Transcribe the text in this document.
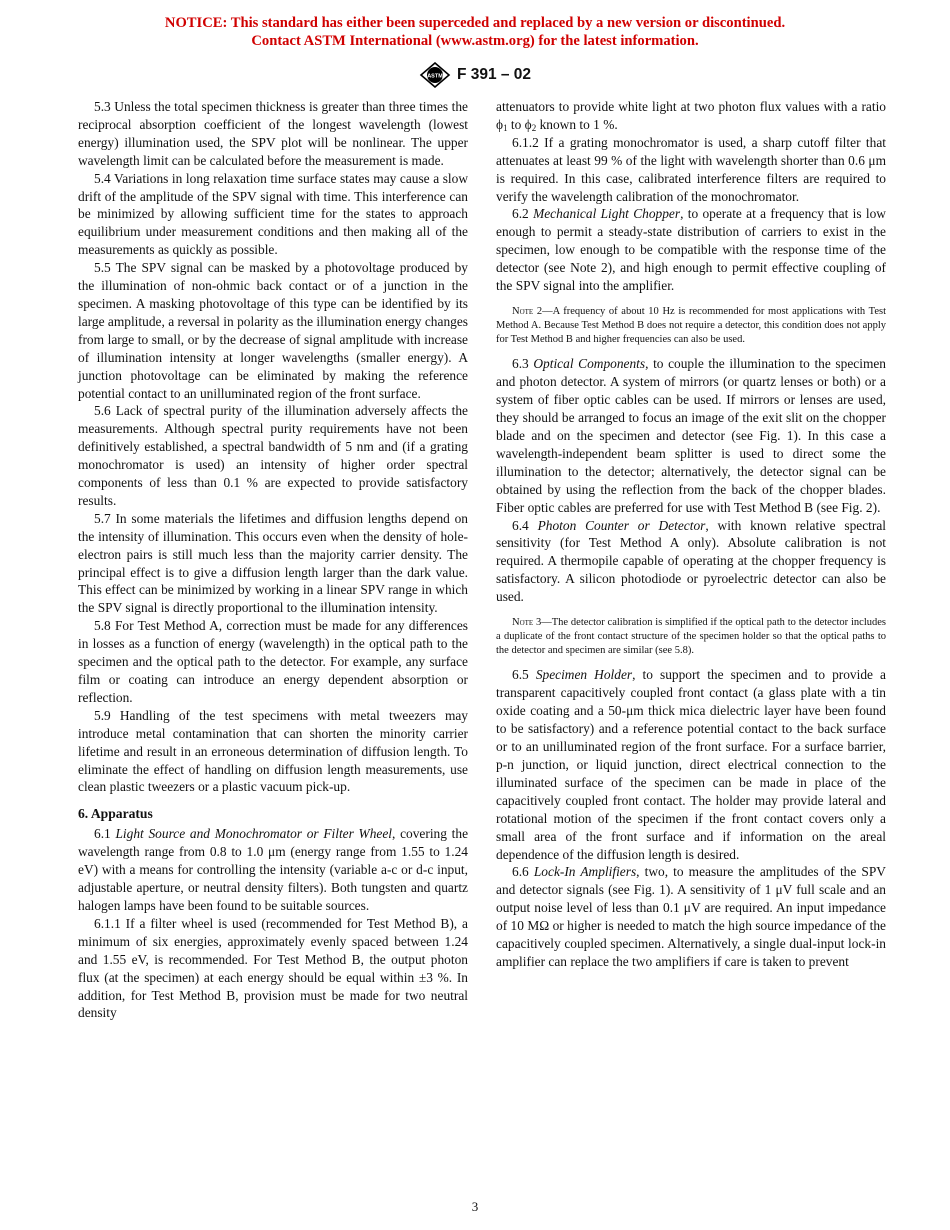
NOTICE: This standard has either been superceded and replaced by a new version or discontinued.
Contact ASTM International (www.astm.org) for the latest information.
ASTM F 391 – 02

5.3 Unless the total specimen thickness is greater than three times the reciprocal absorption coefficient of the longest wavelength (lowest energy) illumination used, the SPV plot will be nonlinear. The upper wavelength limit can be calculated before the measurement is made.

5.4 Variations in long relaxation time surface states may cause a slow drift of the amplitude of the SPV signal with time. This interference can be minimized by allowing sufficient time for the states to approach equilibrium under measurement conditions and then making all of the measurements as quickly as possible.

5.5 The SPV signal can be masked by a photovoltage produced by the illumination of non-ohmic back contact or of a junction in the specimen. A masking photovoltage of this type can be identified by its large amplitude, a reversal in polarity as the illumination energy changes from large to small, or by the decrease of signal amplitude with increase of illumination intensity at longer wavelengths (smaller energy). A junction photovoltage can be eliminated by making the reference potential contact to an unilluminated region of the front surface.

5.6 Lack of spectral purity of the illumination adversely affects the measurements. Although spectral purity requirements have not been definitively established, a spectral bandwidth of 5 nm and (if a grating monochromator is used) an intensity of higher order spectral components of less than 0.1 % are expected to provide satisfactory results.

5.7 In some materials the lifetimes and diffusion lengths depend on the intensity of illumination. This occurs even when the density of hole-electron pairs is still much less than the majority carrier density. The principal effect is to give a diffusion length larger than the dark value. This effect can be minimized by working in a linear SPV range in which the SPV signal is directly proportional to the illumination intensity.

5.8 For Test Method A, correction must be made for any differences in losses as a function of energy (wavelength) in the optical path to the specimen and the optical path to the detector. For example, any surface film or coating can introduce an energy dependent absorption or reflection.

5.9 Handling of the test specimens with metal tweezers may introduce metal contamination that can shorten the minority carrier lifetime and result in an erroneous determination of diffusion length. To eliminate the effect of handling on diffusion length measurements, use clean plastic tweezers or a plastic vacuum pick-up.

6. Apparatus

6.1 Light Source and Monochromator or Filter Wheel, covering the wavelength range from 0.8 to 1.0 μm (energy range from 1.55 to 1.24 eV) with a means for controlling the intensity (variable a-c or d-c input, adjustable aperture, or neutral density filters). Both tungsten and quartz halogen lamps have been found to be suitable sources.

6.1.1 If a filter wheel is used (recommended for Test Method B), a minimum of six energies, approximately evenly spaced between 1.24 and 1.55 eV, is recommended. For Test Method B, the output photon flux (at the specimen) at each energy should be equal within ±3 %. In addition, for Test Method B, provision must be made for two neutral density

attenuators to provide white light at two photon flux values with a ratio $\phi_1$ to $\phi_2$ known to 1 %.

6.1.2 If a grating monochromator is used, a sharp cutoff filter that attenuates at least 99 % of the light with wavelength shorter than 0.6 μm is required. In this case, calibrated interference filters are required to verify the wavelength calibration of the monochromator.

6.2 Mechanical Light Chopper, to operate at a frequency that is low enough to permit a steady-state distribution of carriers to exist in the specimen, low enough to be compatible with the response time of the detector (see Note 2), and high enough to permit effective coupling of the SPV signal into the amplifier.

Note 2—A frequency of about 10 Hz is recommended for most applications with Test Method A. Because Test Method B does not require a detector, this condition does not apply for Test Method B and higher frequencies can also be used.

6.3 Optical Components, to couple the illumination to the specimen and photon detector. A system of mirrors (or quartz lenses or both) or a system of fiber optic cables can be used. If mirrors or lenses are used, they should be arranged to focus an image of the exit slit on the chopper blade and on the specimen and detector (see Fig. 1). In this case a wavelength-independent beam splitter is used to direct some the illumination to the detector; alternatively, the detector signal can be obtained by using the reflection from the back of the chopper blades. Fiber optic cables are preferred for use with Test Method B (see Fig. 2).

6.4 Photon Counter or Detector, with known relative spectral sensitivity (for Test Method A only). Absolute calibration is not required. A thermopile capable of operating at the chopper frequency is satisfactory. A silicon photodiode or pyroelectric detector can also be used.

Note 3—The detector calibration is simplified if the optical path to the detector includes a duplicate of the front contact structure of the specimen holder so that the optical paths to the detector and specimen are similar (see 5.8).

6.5 Specimen Holder, to support the specimen and to provide a transparent capacitively coupled front contact (a glass plate with a tin oxide coating and a 50-μm thick mica dielectric layer have been found to be satisfactory) and a reference potential contact to the back surface or to an unilluminated region of the front surface. For a surface barrier, p-n junction, or liquid junction, direct electrical connection to the illuminated surface of the specimen can be made in place of the capacitively coupled front contact. The holder may provide lateral and rotational motion of the specimen if the front contact covers only a small area of the front surface and if information on the areal dependence of the diffusion length is desired.

6.6 Lock-In Amplifiers, two, to measure the amplitudes of the SPV and detector signals (see Fig. 1). A sensitivity of 1 μV full scale and an output noise level of less than 0.1 μV are required. An input impedance of 10 MΩ or higher is needed to match the high source impedance of the capacitively coupled specimen. Alternatively, a single dual-input lock-in amplifier can replace the two amplifiers if care is taken to prevent

3
